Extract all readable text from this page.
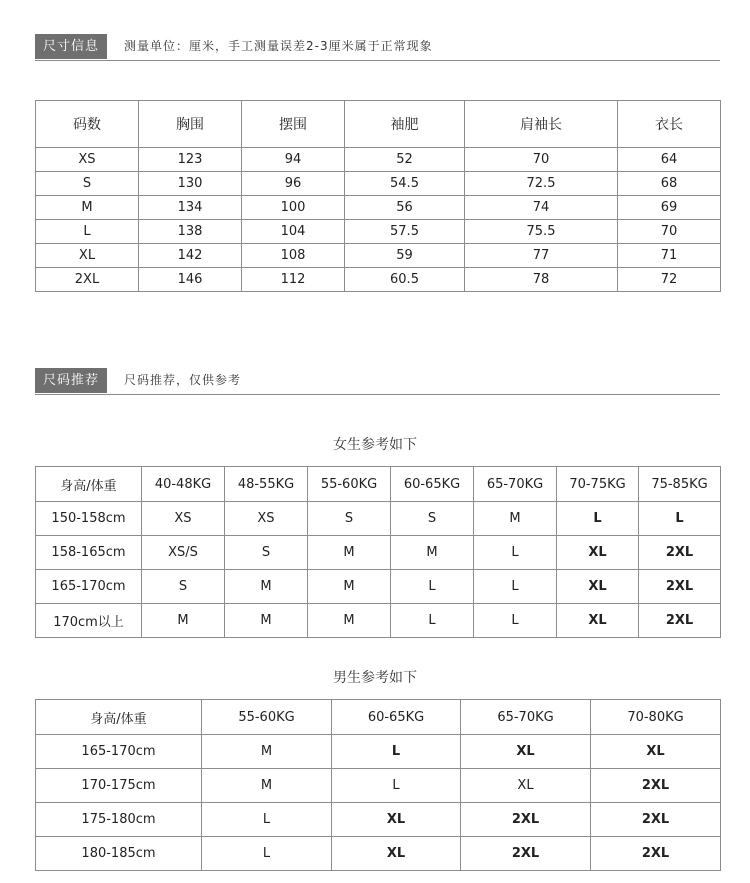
尺寸信息	测量单位：厘米，手工测量误差2-3厘米属于正常现象
码数	胸围	摆围	袖肥	肩袖长	衣长
XS	123	94	52	70	64
S	130	96	54.5	72.5	68
M	134	100	56	74	69
L	138	104	57.5	75.5	70
XL	142	108	59	77	71
2XL	146	112	60.5	78	72
尺码推荐	尺码推荐，仅供参考
女生参考如下
身高/体重	40-48KG	48-55KG	55-60KG	60-65KG	65-70KG	70-75KG	75-85KG
150-158cm	XS	XS	S	S	M	L	L
158-165cm	XS/S	S	M	M	L	XL	2XL
165-170cm	S	M	M	L	L	XL	2XL
170cm以上	M	M	M	L	L	XL	2XL
男生参考如下
身高/体重	55-60KG	60-65KG	65-70KG	70-80KG
165-170cm	M	L	XL	XL
170-175cm	M	L	XL	2XL
175-180cm	L	XL	2XL	2XL
180-185cm	L	XL	2XL	2XL
